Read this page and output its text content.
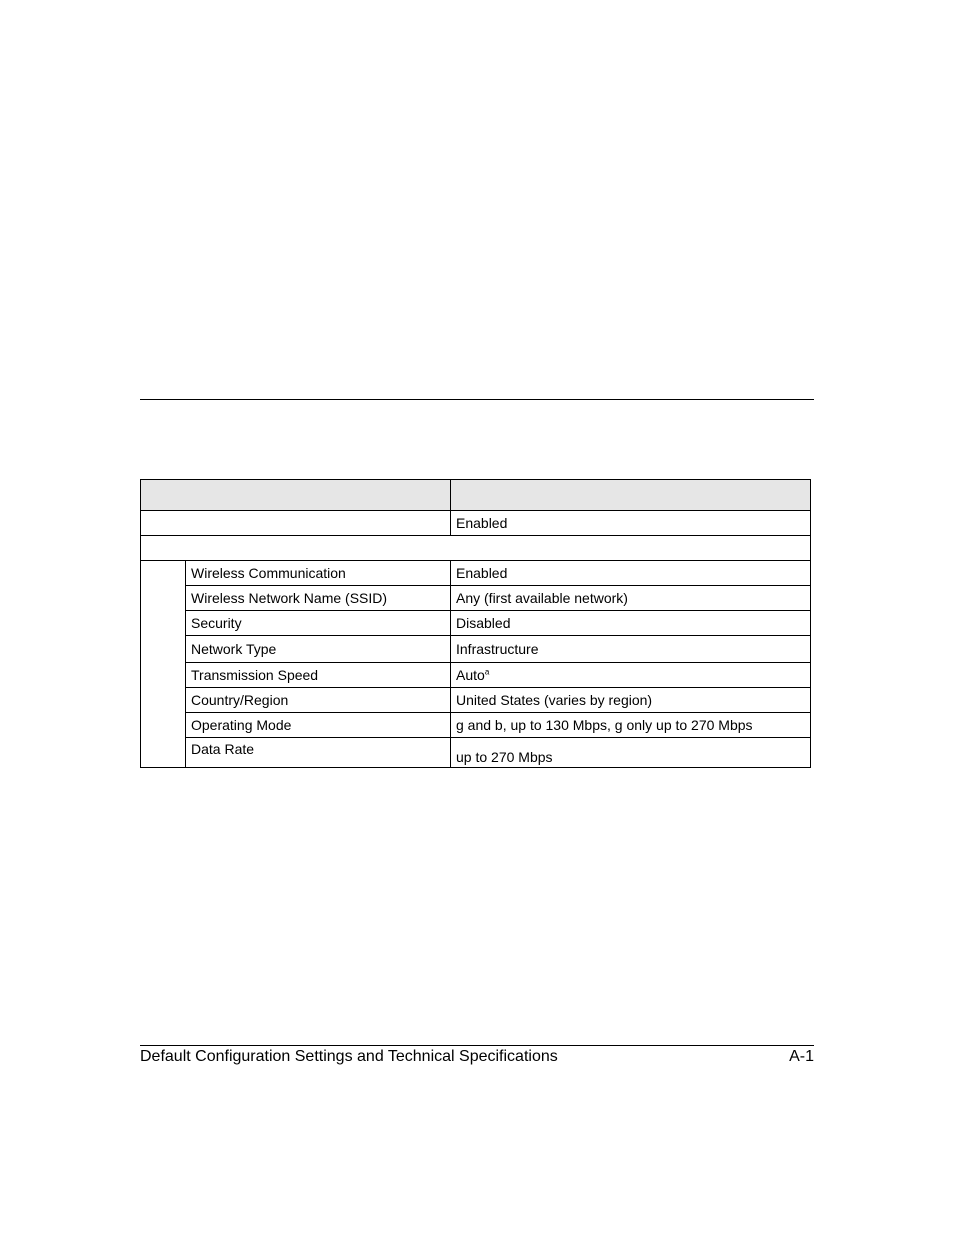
		Enabled

	Wireless Communication	Enabled
	Wireless Network Name (SSID)	Any (first available network)
	Security	Disabled
	Network Type	Infrastructure
	Transmission Speed	Auto$^a$
	Country/Region	United States (varies by region)
	Operating Mode	g and b, up to 130 Mbps, g only up to 270 Mbps
	Data Rate	up to 270 Mbps
Default Configuration Settings and Technical Specifications	A-1
